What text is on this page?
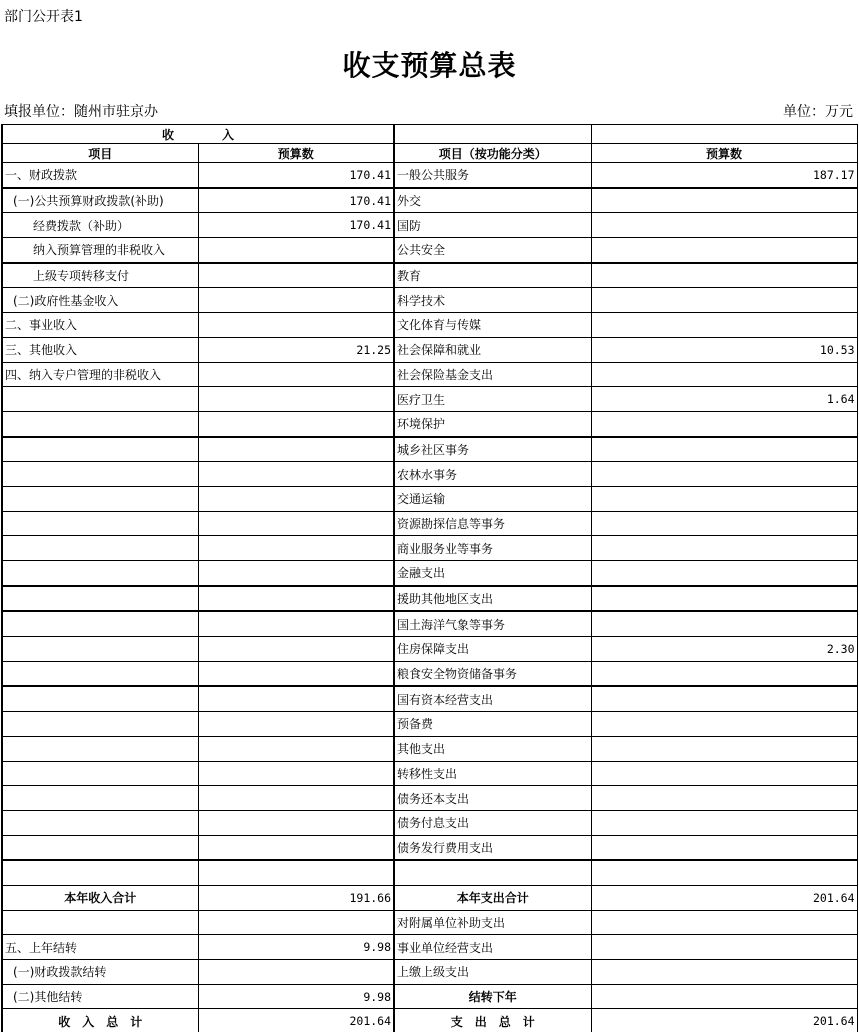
部门公开表1
收支预算总表
填报单位：随州市驻京办	单位：万元
收　　　　入			
项目	预算数	项目（按功能分类）	预算数
一、财政拨款	170.41	一般公共服务	187.17
(一)公共预算财政拨款(补助)	170.41	外交	
经费拨款（补助）	170.41	国防	
纳入预算管理的非税收入		公共安全	
上级专项转移支付		教育	
(二)政府性基金收入		科学技术	
二、事业收入		文化体育与传媒	
三、其他收入	21.25	社会保障和就业	10.53
四、纳入专户管理的非税收入		社会保险基金支出	
		医疗卫生	1.64
		环境保护	
		城乡社区事务	
		农林水事务	
		交通运输	
		资源勘探信息等事务	
		商业服务业等事务	
		金融支出	
		援助其他地区支出	
		国土海洋气象等事务	
		住房保障支出	2.30
		粮食安全物资储备事务	
		国有资本经营支出	
		预备费	
		其他支出	
		转移性支出	
		债务还本支出	
		债务付息支出	
		债务发行费用支出	

本年收入合计	191.66	本年支出合计	201.64
		对附属单位补助支出	
五、上年结转	9.98	事业单位经营支出	
(一)财政拨款结转		上缴上级支出	
(二)其他结转	9.98	结转下年	
收　入　总　计	201.64	支　出　总　计	201.64
